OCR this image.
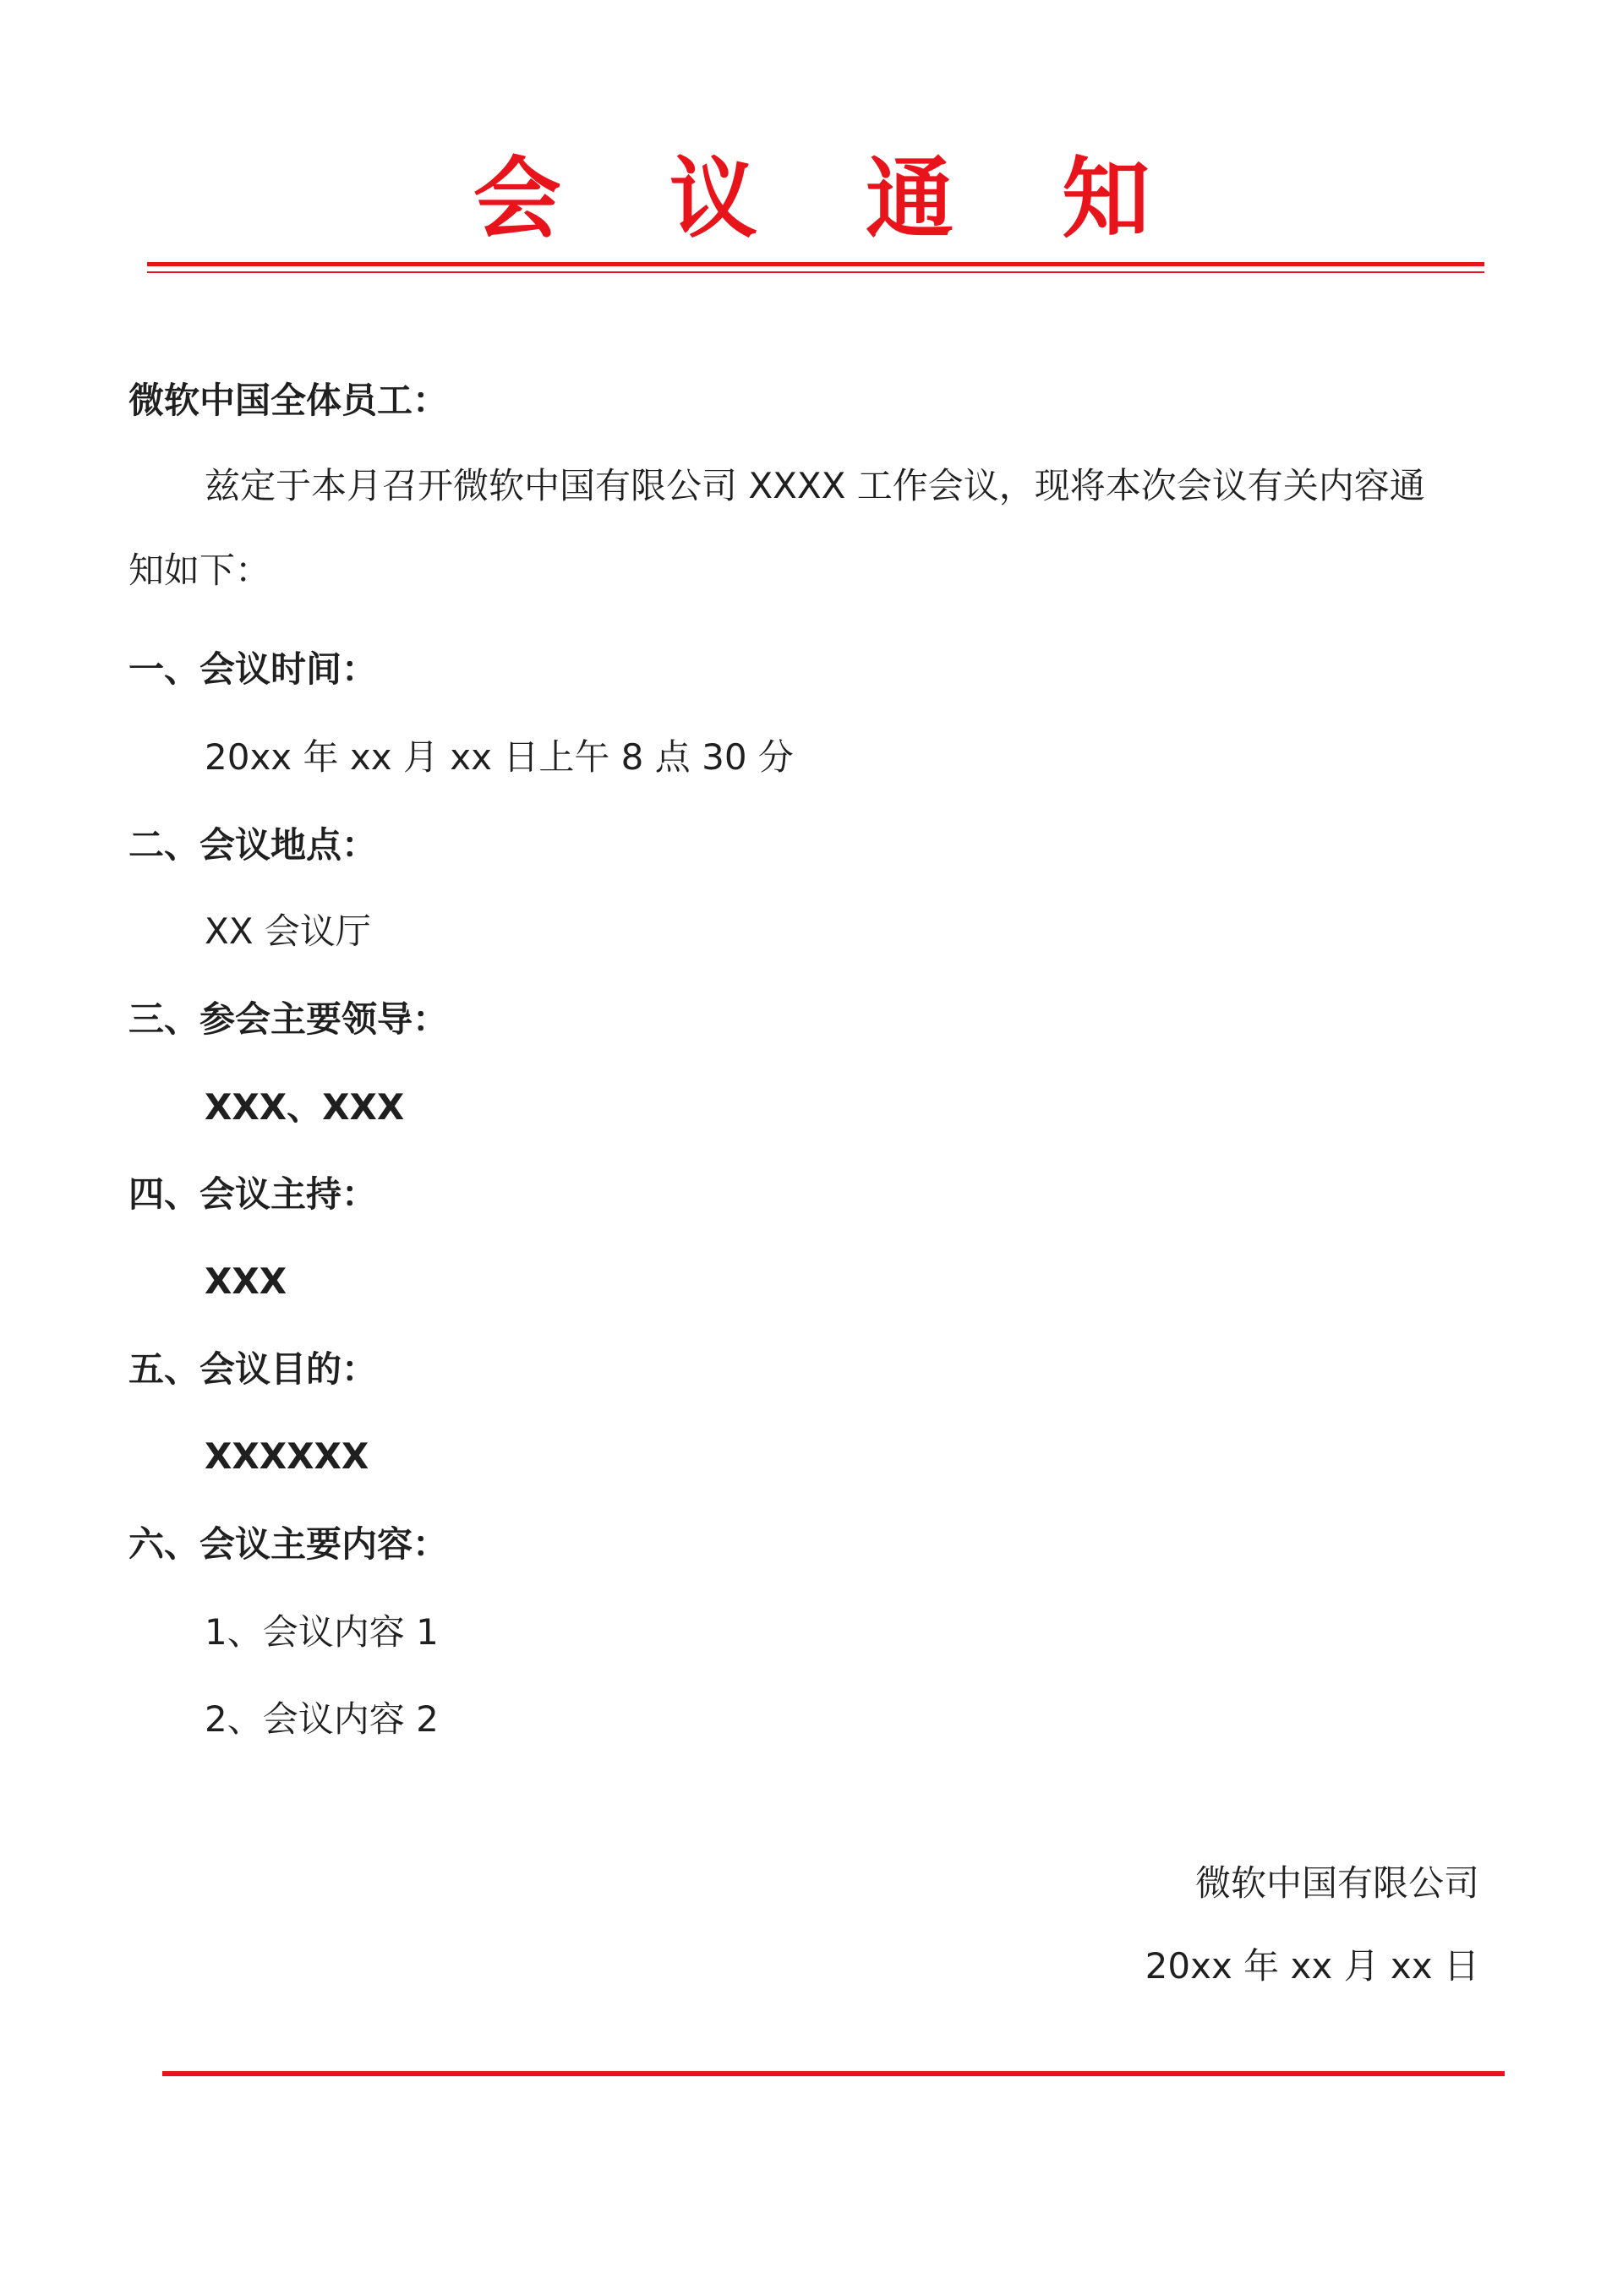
会 议 通 知

微软中国全体员工：

兹定于本月召开微软中国有限公司 XXXX 工作会议，现将本次会议有关内容通

知如下：

一、会议时间：

20xx 年 xx 月 xx 日上午 8 点 30 分

二、会议地点：

XX 会议厅

三、参会主要领导：

XXX、XXX

四、会议主持：

XXX

五、会议目的：

XXXXXX

六、会议主要内容：

1、会议内容 1

2、会议内容 2

微软中国有限公司

20xx 年 xx 月 xx 日
